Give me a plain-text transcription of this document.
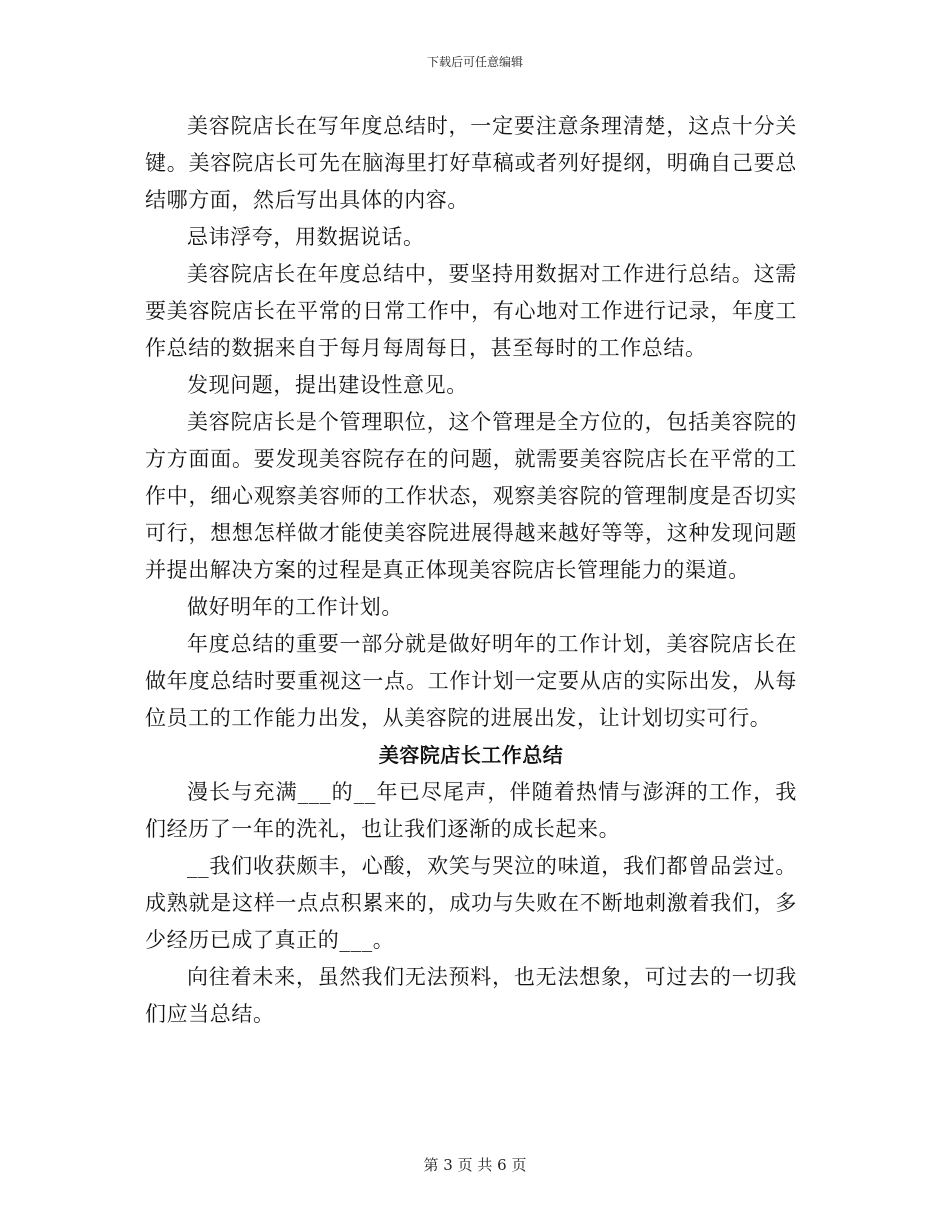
下载后可任意编辑

美容院店长在写年度总结时，一定要注意条理清楚，这点十分关键。美容院店长可先在脑海里打好草稿或者列好提纲，明确自己要总结哪方面，然后写出具体的内容。

忌讳浮夸，用数据说话。

美容院店长在年度总结中，要坚持用数据对工作进行总结。这需要美容院店长在平常的日常工作中，有心地对工作进行记录，年度工作总结的数据来自于每月每周每日，甚至每时的工作总结。

发现问题，提出建设性意见。

美容院店长是个管理职位，这个管理是全方位的，包括美容院的方方面面。要发现美容院存在的问题，就需要美容院店长在平常的工作中，细心观察美容师的工作状态，观察美容院的管理制度是否切实可行，想想怎样做才能使美容院进展得越来越好等等，这种发现问题并提出解决方案的过程是真正体现美容院店长管理能力的渠道。

做好明年的工作计划。

年度总结的重要一部分就是做好明年的工作计划，美容院店长在做年度总结时要重视这一点。工作计划一定要从店的实际出发，从每位员工的工作能力出发，从美容院的进展出发，让计划切实可行。

美容院店长工作总结

漫长与充满___的__年已尽尾声，伴随着热情与澎湃的工作，我们经历了一年的洗礼，也让我们逐渐的成长起来。

__我们收获颇丰，心酸，欢笑与哭泣的味道，我们都曾品尝过。成熟就是这样一点点积累来的，成功与失败在不断地刺激着我们，多少经历已成了真正的___。

向往着未来，虽然我们无法预料，也无法想象，可过去的一切我们应当总结。

第 3 页 共 6 页
